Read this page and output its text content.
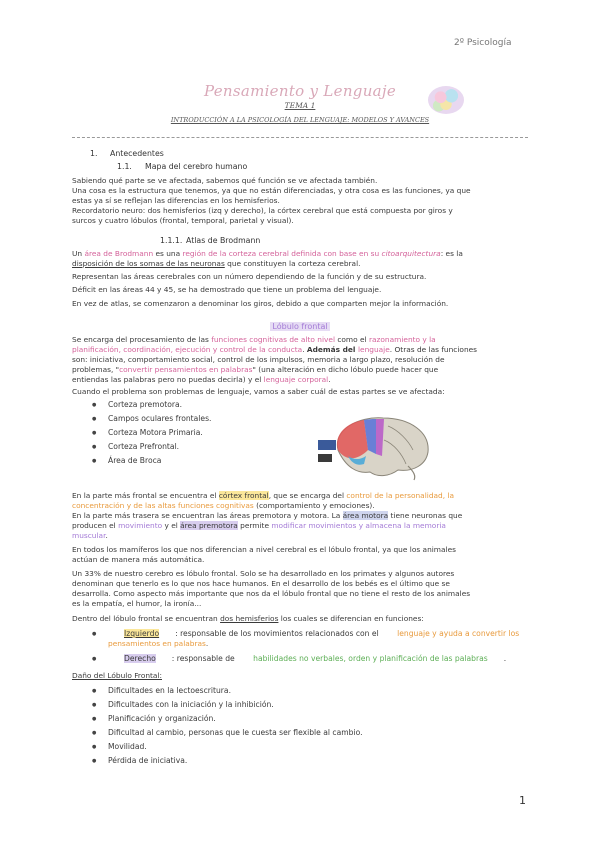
2º Psicología
Pensamiento y Lenguaje
TEMA 1
INTRODUCCIÓN A LA PSICOLOGÍA DEL LENGUAJE: MODELOS Y AVANCES
1. Antecedentes
1.1. Mapa del cerebro humano
Sabiendo qué parte se ve afectada, sabemos qué función se ve afectada también.
Una cosa es la estructura que tenemos, ya que no están diferenciadas, y otra cosa es las funciones, ya que
estas ya sí se reflejan las diferencias en los hemisferios.
Recordatorio neuro: dos hemisferios (izq y derecho), la córtex cerebral que está compuesta por giros y
surcos y cuatro lóbulos (frontal, temporal, parietal y visual).
1.1.1. Atlas de Brodmann
Un área de Brodmann es una región de la corteza cerebral definida con base en su citoarquitectura: es la
disposición de los somas de las neuronas que constituyen la corteza cerebral.
Representan las áreas cerebrales con un número dependiendo de la función y de su estructura.
Déficit en las áreas 44 y 45, se ha demostrado que tiene un problema del lenguaje.
En vez de atlas, se comenzaron a denominar los giros, debido a que comparten mejor la información.
Lóbulo frontal
Se encarga del procesamiento de las funciones cognitivas de alto nivel como el razonamiento y la
planificación, coordinación, ejecución y control de la conducta. Además del lenguaje. Otras de las funciones
son: iniciativa, comportamiento social, control de los impulsos, memoria a largo plazo, resolución de
problemas, "convertir pensamientos en palabras" (una alteración en dicho lóbulo puede hacer que
entiendas las palabras pero no puedas decirla) y el lenguaje corporal.
Cuando el problema son problemas de lenguaje, vamos a saber cuál de estas partes se ve afectada:
● Corteza premotora.
● Campos oculares frontales.
● Corteza Motora Primaria.
● Corteza Prefrontal.
● Área de Broca
En la parte más frontal se encuentra el córtex frontal, que se encarga del control de la personalidad, la
concentración y de las altas funciones cognitivas (comportamiento y emociones).
En la parte más trasera se encuentran las áreas premotora y motora. La área motora tiene neuronas que
producen el movimiento y el área premotora permite modificar movimientos y almacena la memoria
muscular.
En todos los mamíferos los que nos diferencian a nivel cerebral es el lóbulo frontal, ya que los animales
actúan de manera más automática.
Un 33% de nuestro cerebro es lóbulo frontal. Solo se ha desarrollado en los primates y algunos autores
denominan que tenerlo es lo que nos hace humanos. En el desarrollo de los bebés es el último que se
desarrolla. Como aspecto más importante que nos da el lóbulo frontal que no tiene el resto de los animales
es la empatía, el humor, la ironía...
Dentro del lóbulo frontal se encuentran dos hemisferios los cuales se diferencian en funciones:
● Izquierdo : responsable de los movimientos relacionados con el lenguaje y ayuda a convertir los
pensamientos en palabras.
● Derecho : responsable de habilidades no verbales, orden y planificación de las palabras .
Daño del Lóbulo Frontal:
● Dificultades en la lectoescritura.
● Dificultades con la iniciación y la inhibición.
● Planificación y organización.
● Dificultad al cambio, personas que le cuesta ser flexible al cambio.
● Movilidad.
● Pérdida de iniciativa.
1
